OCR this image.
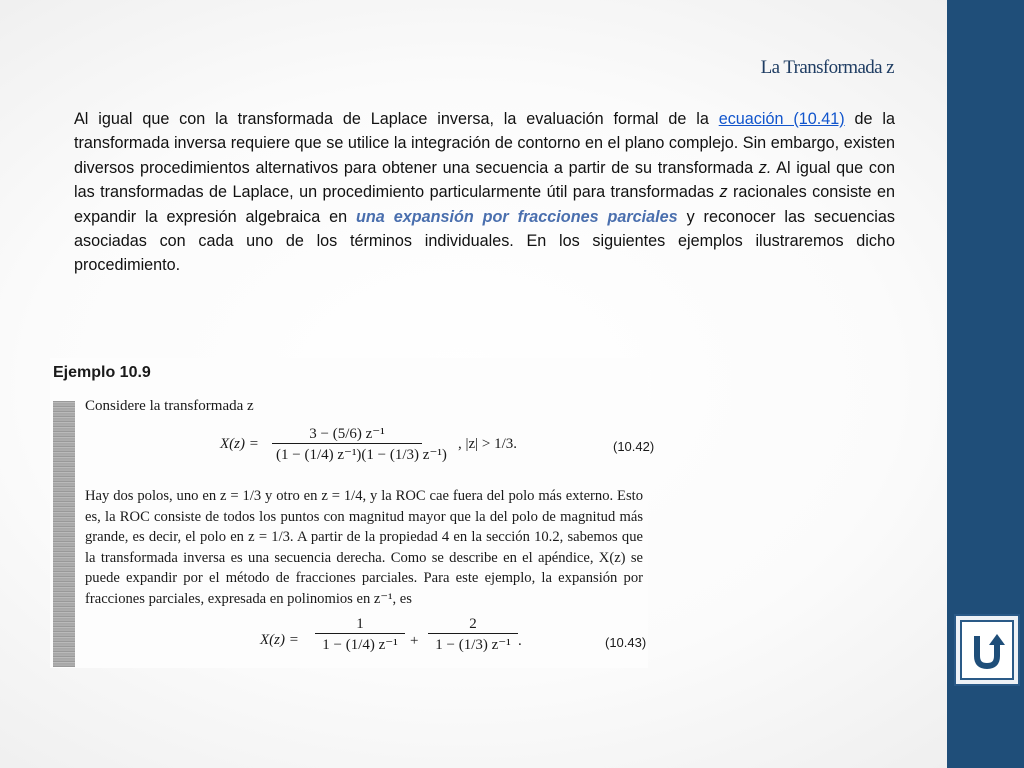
La Transformada z

Al igual que con la transformada de Laplace inversa, la evaluación formal de la ecuación (10.41) de la transformada inversa requiere que se utilice la integración de contorno en el plano complejo. Sin embargo, existen diversos procedimientos alternativos para obtener una secuencia a partir de su transformada z. Al igual que con las transformadas de Laplace, un procedimiento particularmente útil para transformadas z racionales consiste en expandir la expresión algebraica en una expansión por fracciones parciales y reconocer las secuencias asociadas con cada uno de los términos individuales. En los siguientes ejemplos ilustraremos dicho procedimiento.

Ejemplo 10.9
Considere la transformada z
$X(z) = \frac{\text{3 − (5/6) z⁻¹}}{\text{(1 − (1/4) z⁻¹)(1 − (1/3) z⁻¹)}}$ , |z| > 1/3.	(10.42)

Hay dos polos, uno en z = 1/3 y otro en z = 1/4, y la ROC cae fuera del polo más externo. Esto es, la ROC consiste de todos los puntos con magnitud mayor que la del polo de magnitud más grande, es decir, el polo en z = 1/3. A partir de la propiedad 4 en la sección 10.2, sabemos que la transformada inversa es una secuencia derecha. Como se describe en el apéndice, X(z) se puede expandir por el método de fracciones parciales. Para este ejemplo, la expansión por fracciones parciales, expresada en polinomios en z⁻¹, es

$X(z) = \frac{1}{\text{1 − (1/4) z⁻¹}} + \frac{2}{\text{1 − (1/3) z⁻¹}}$ .	(10.43)
